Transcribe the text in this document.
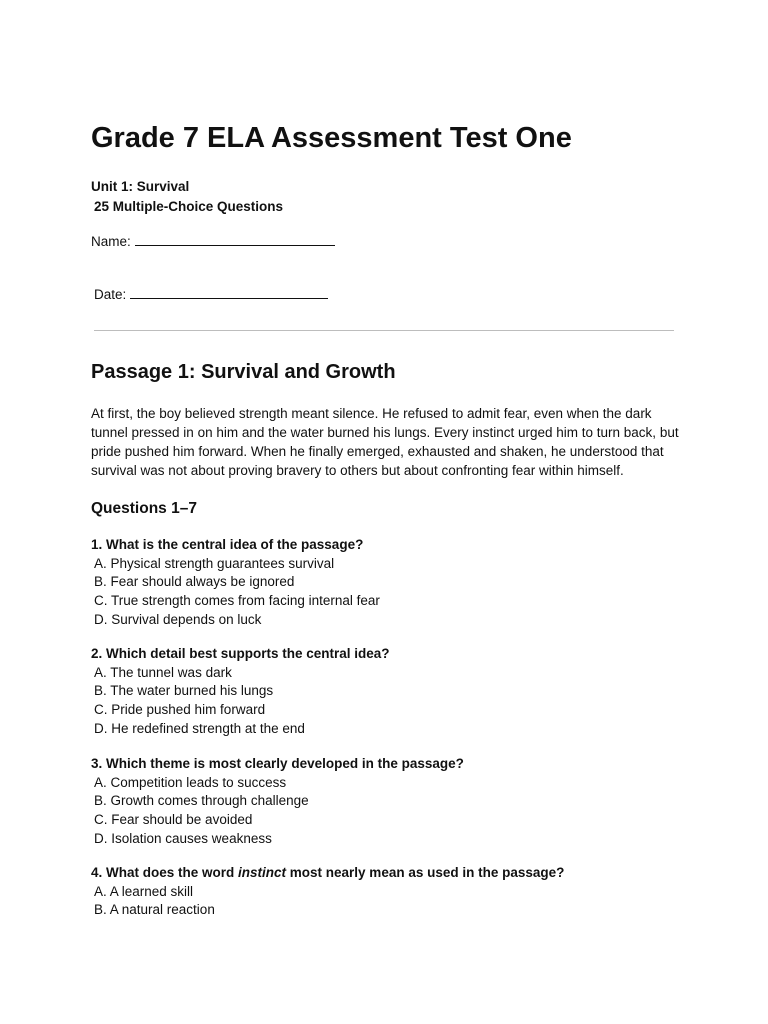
Grade 7 ELA Assessment Test One
Unit 1: Survival
25 Multiple-Choice Questions
Name:
Date:
Passage 1: Survival and Growth

At first, the boy believed strength meant silence. He refused to admit fear, even when the dark tunnel pressed in on him and the water burned his lungs. Every instinct urged him to turn back, but pride pushed him forward. When he finally emerged, exhausted and shaken, he understood that survival was not about proving bravery to others but about confronting fear within himself.

Questions 1–7
1. What is the central idea of the passage?
A. Physical strength guarantees survival
B. Fear should always be ignored
C. True strength comes from facing internal fear
D. Survival depends on luck
2. Which detail best supports the central idea?
A. The tunnel was dark
B. The water burned his lungs
C. Pride pushed him forward
D. He redefined strength at the end
3. Which theme is most clearly developed in the passage?
A. Competition leads to success
B. Growth comes through challenge
C. Fear should be avoided
D. Isolation causes weakness
4. What does the word instinct most nearly mean as used in the passage?
A. A learned skill
B. A natural reaction
